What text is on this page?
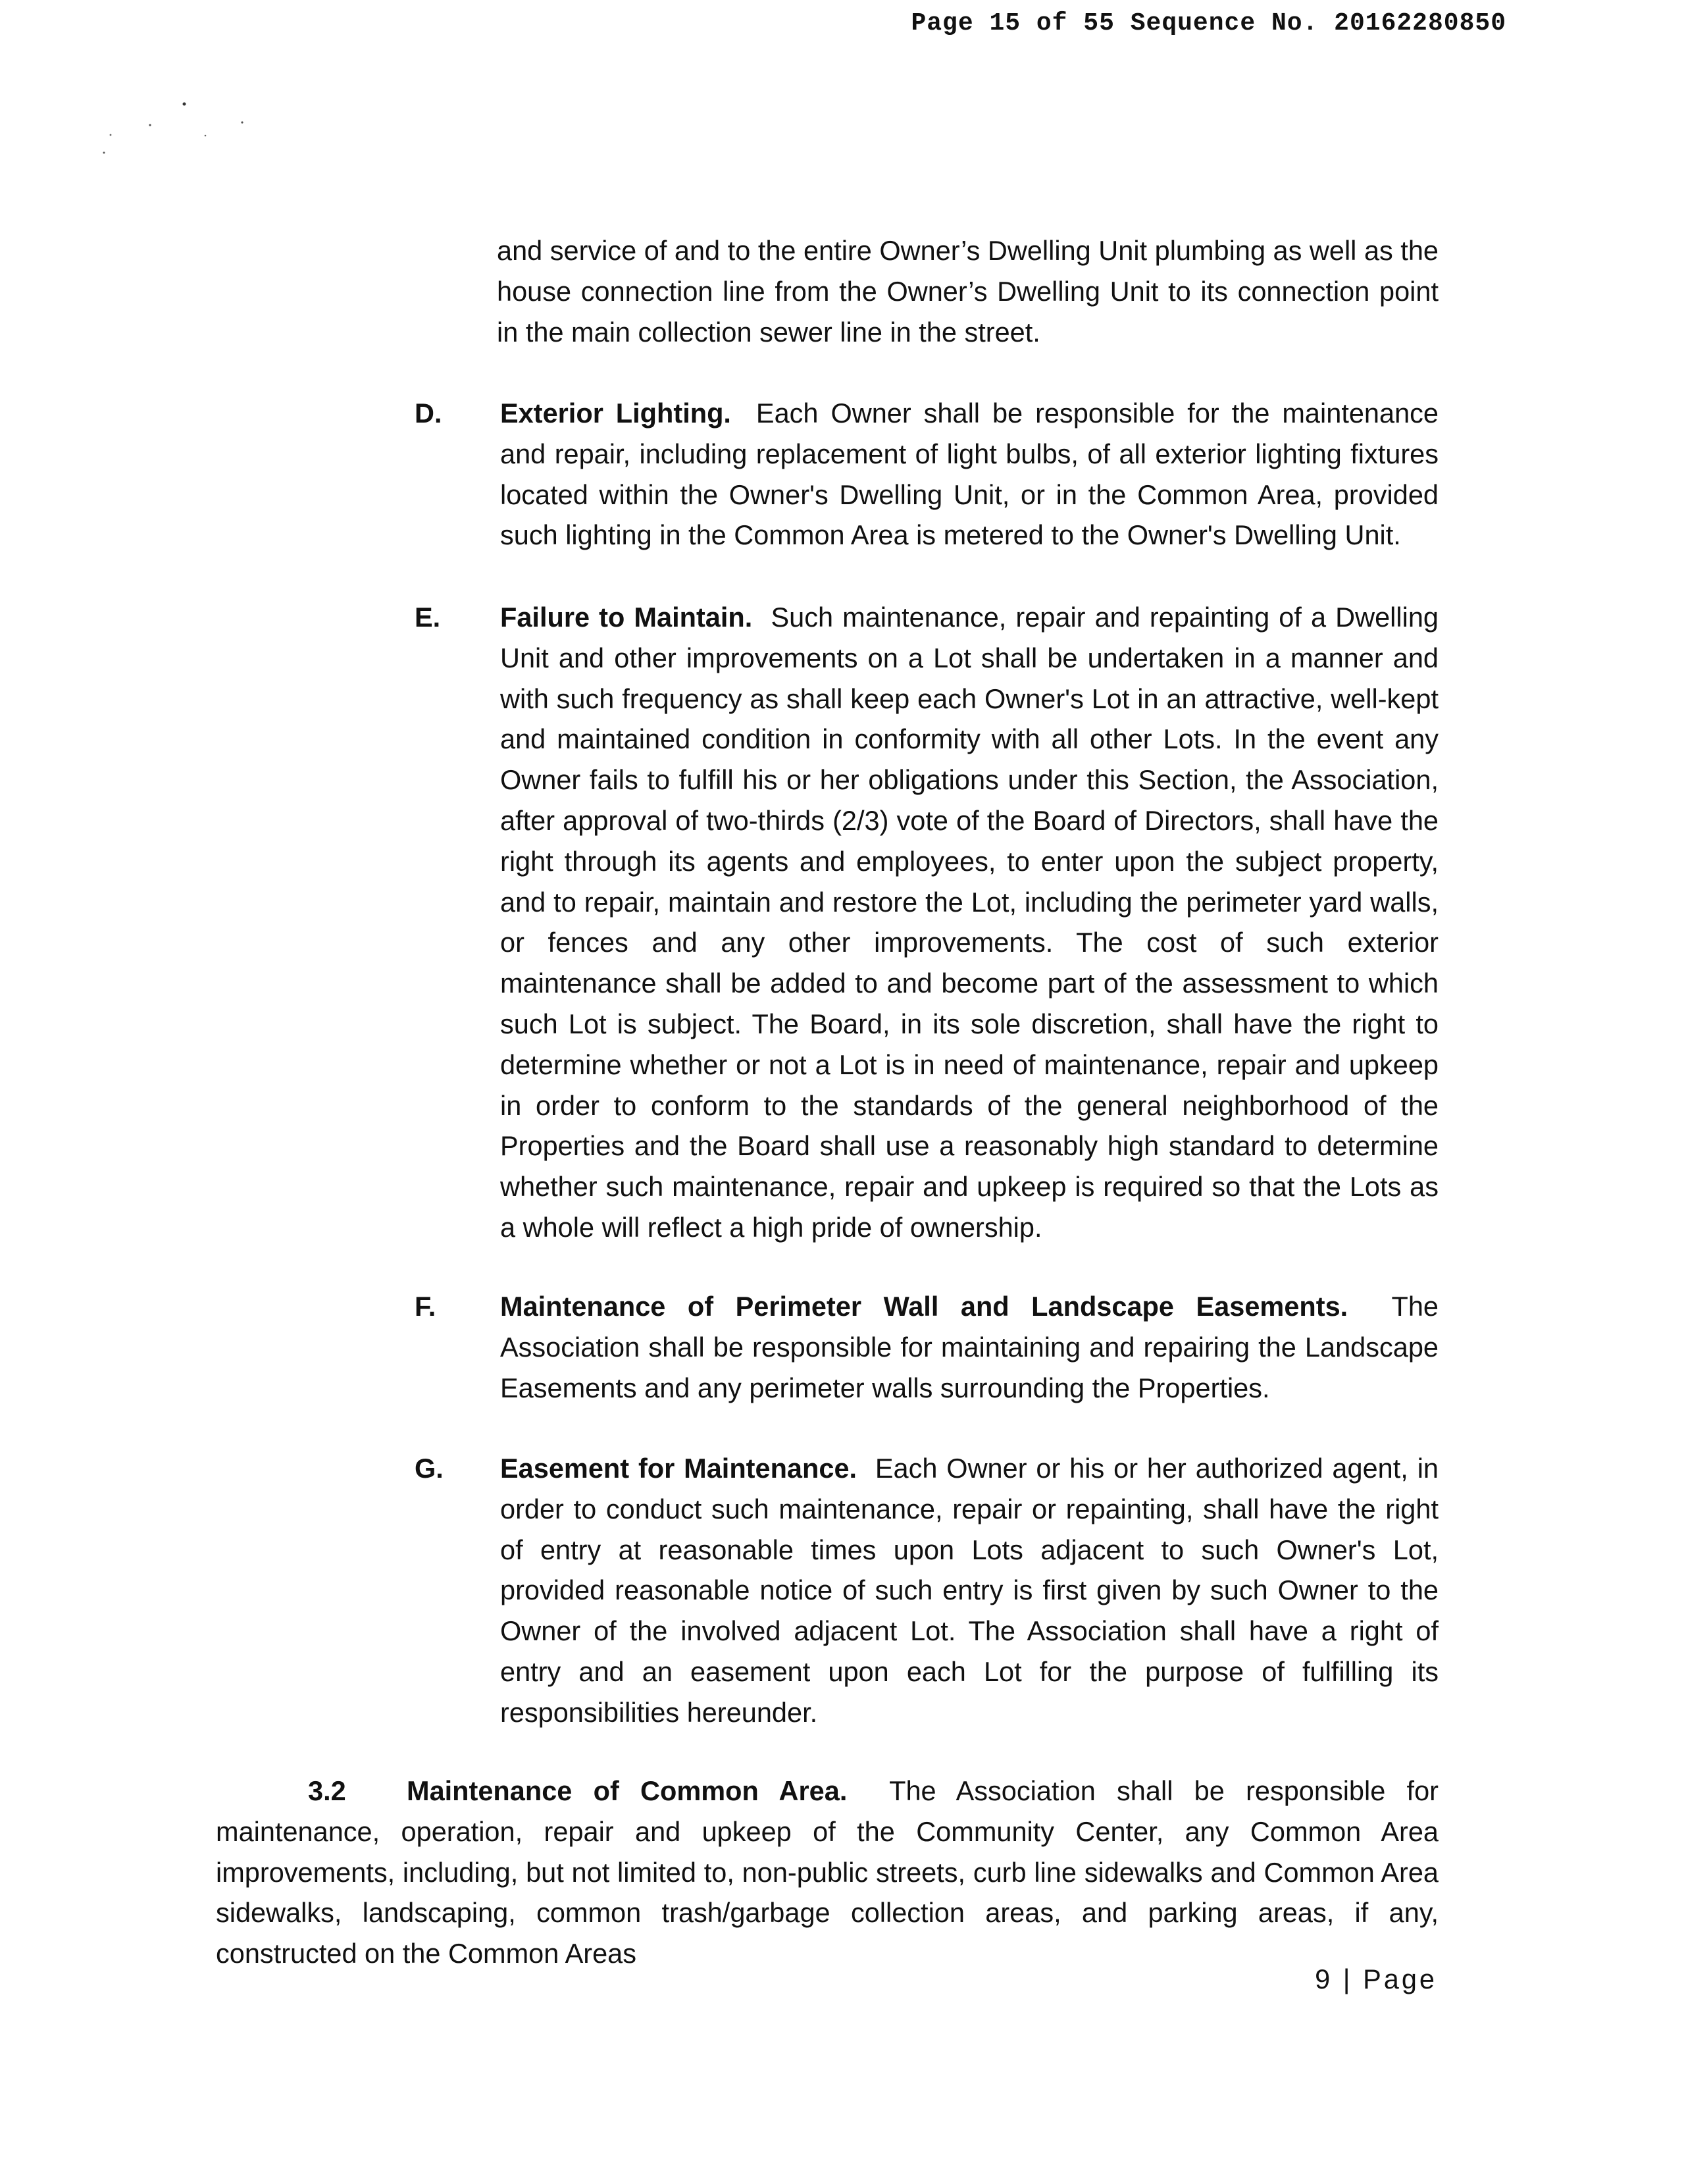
Page 15 of 55 Sequence No. 20162280850
and service of and to the entire Owner’s Dwelling Unit plumbing as well as the house connection line from the Owner’s Dwelling Unit to its connection point in the main collection sewer line in the street.
D. Exterior Lighting. Each Owner shall be responsible for the maintenance and repair, including replacement of light bulbs, of all exterior lighting fixtures located within the Owner's Dwelling Unit, or in the Common Area, provided such lighting in the Common Area is metered to the Owner's Dwelling Unit.
E. Failure to Maintain. Such maintenance, repair and repainting of a Dwelling Unit and other improvements on a Lot shall be undertaken in a manner and with such frequency as shall keep each Owner's Lot in an attractive, well-kept and maintained condition in conformity with all other Lots. In the event any Owner fails to fulfill his or her obligations under this Section, the Association, after approval of two-thirds (2/3) vote of the Board of Directors, shall have the right through its agents and employees, to enter upon the subject property, and to repair, maintain and restore the Lot, including the perimeter yard walls, or fences and any other improvements. The cost of such exterior maintenance shall be added to and become part of the assessment to which such Lot is subject. The Board, in its sole discretion, shall have the right to determine whether or not a Lot is in need of maintenance, repair and upkeep in order to conform to the standards of the general neighborhood of the Properties and the Board shall use a reasonably high standard to determine whether such maintenance, repair and upkeep is required so that the Lots as a whole will reflect a high pride of ownership.
F. Maintenance of Perimeter Wall and Landscape Easements. The Association shall be responsible for maintaining and repairing the Landscape Easements and any perimeter walls surrounding the Properties.
G. Easement for Maintenance. Each Owner or his or her authorized agent, in order to conduct such maintenance, repair or repainting, shall have the right of entry at reasonable times upon Lots adjacent to such Owner's Lot, provided reasonable notice of such entry is first given by such Owner to the Owner of the involved adjacent Lot. The Association shall have a right of entry and an easement upon each Lot for the purpose of fulfilling its responsibilities hereunder.
3.2 Maintenance of Common Area. The Association shall be responsible for maintenance, operation, repair and upkeep of the Community Center, any Common Area improvements, including, but not limited to, non-public streets, curb line sidewalks and Common Area sidewalks, landscaping, common trash/garbage collection areas, and parking areas, if any, constructed on the Common Areas
9 | Page
